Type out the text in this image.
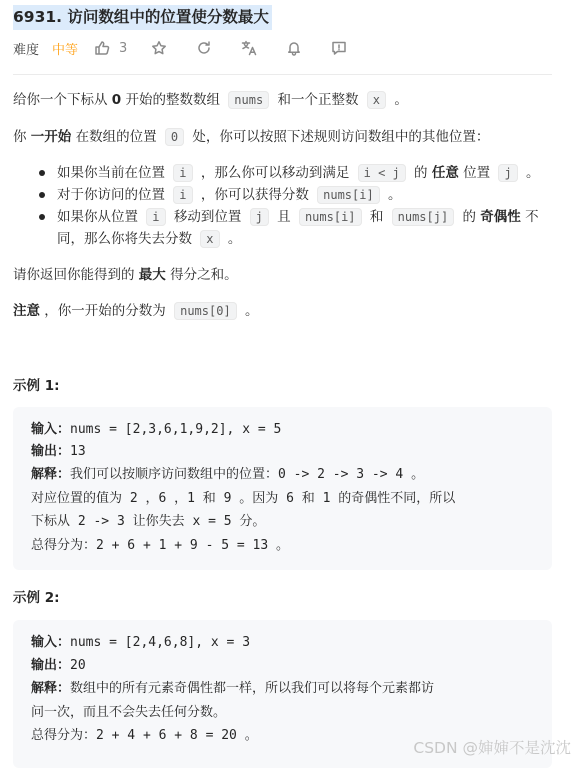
6931. 访问数组中的位置使分数最大
难度 中等	3
给你一个下标从 0 开始的整数数组 nums 和一个正整数 x 。
你 一开始 在数组的位置 0 处，你可以按照下述规则访问数组中的其他位置：
如果你当前在位置 i ，那么你可以移动到满足 i < j 的 任意 位置 j 。
对于你访问的位置 i ，你可以获得分数 nums[i] 。
如果你从位置 i 移动到位置 j 且 nums[i] 和 nums[j] 的 奇偶性 不
同，那么你将失去分数 x 。
请你返回你能得到的 最大 得分之和。
注意 ，你一开始的分数为 nums[0] 。
示例 1:
输入：nums = [2,3,6,1,9,2], x = 5
输出：13
解释：我们可以按顺序访问数组中的位置：0 -> 2 -> 3 -> 4 。
对应位置的值为 2 ，6 ，1 和 9 。因为 6 和 1 的奇偶性不同，所以
下标从 2 -> 3 让你失去 x = 5 分。
总得分为：2 + 6 + 1 + 9 - 5 = 13 。
示例 2:
输入：nums = [2,4,6,8], x = 3
输出：20
解释：数组中的所有元素奇偶性都一样，所以我们可以将每个元素都访
问一次，而且不会失去任何分数。
总得分为：2 + 4 + 6 + 8 = 20 。
CSDN @婶婶不是沈沈
